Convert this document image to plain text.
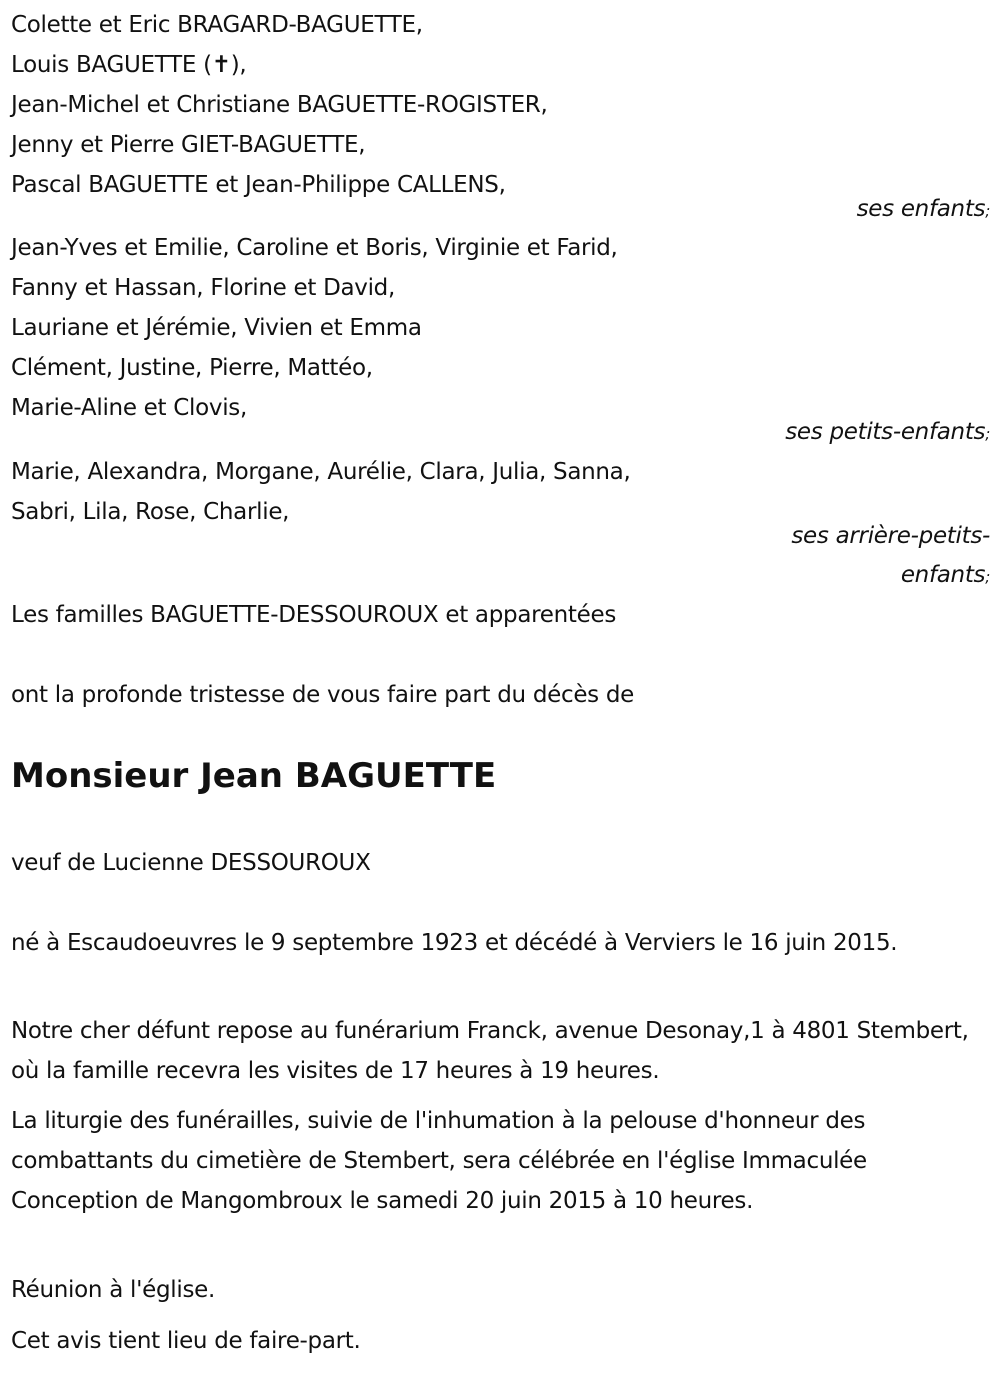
Colette et Eric BRAGARD-BAGUETTE,
Louis BAGUETTE (✝),
Jean-Michel et Christiane BAGUETTE-ROGISTER,
Jenny et Pierre GIET-BAGUETTE,
Pascal BAGUETTE et Jean-Philippe CALLENS,
ses enfants;
Jean-Yves et Emilie, Caroline et Boris, Virginie et Farid,
Fanny et Hassan, Florine et David,
Lauriane et Jérémie, Vivien et Emma
Clément, Justine, Pierre, Mattéo,
Marie-Aline et Clovis,
ses petits-enfants;
Marie, Alexandra, Morgane, Aurélie, Clara, Julia, Sanna,
Sabri, Lila, Rose, Charlie,
ses arrière-petits-
enfants;
Les familles BAGUETTE-DESSOUROUX et apparentées
ont la profonde tristesse de vous faire part du décès de
Monsieur Jean BAGUETTE
veuf de Lucienne DESSOUROUX
né à Escaudoeuvres le 9 septembre 1923 et décédé à Verviers le 16 juin 2015.
Notre cher défunt repose au funérarium Franck, avenue Desonay,1 à 4801 Stembert, où la famille recevra les visites de 17 heures à 19 heures.
La liturgie des funérailles, suivie de l'inhumation à la pelouse d'honneur des combattants du cimetière de Stembert, sera célébrée en l'église Immaculée Conception de Mangombroux le samedi 20 juin 2015 à 10 heures.
Réunion à l'église.
Cet avis tient lieu de faire-part.
